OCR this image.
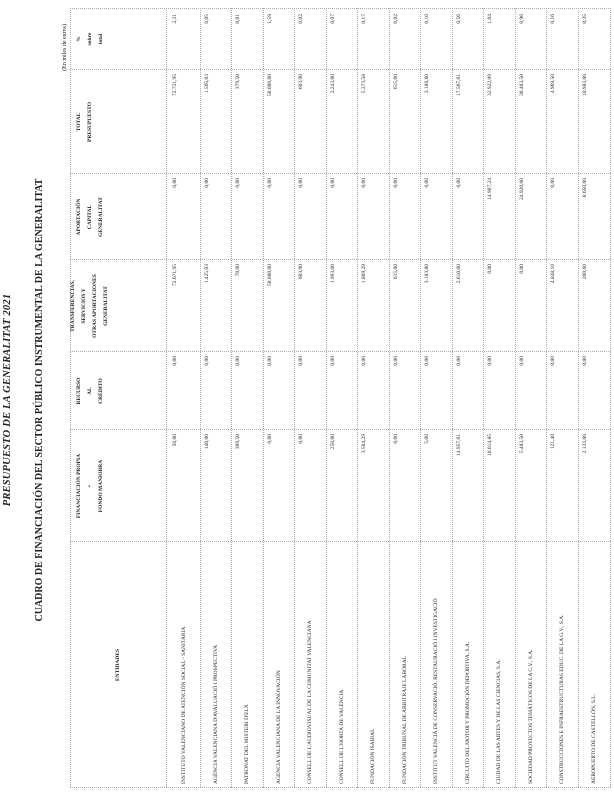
PRESUPUESTO DE LA GENERALITAT 2021 CUADRO DE FINANCIACIÓN DEL SECTOR PÚBLICO INSTRUMENTAL DE LA GENERALITAT
(En miles de euros)
ENTIDADES
FINANCIACIÓN PROPIA + FONDO MANIOBRA
RECURSO AL CRÉDITO
TRANSFERENCIAS, SERVICIOS Y OTRAS APORTACIONES GENERALITAT
APORTACIÓN CAPITAL GENERALITAT
TOTAL PRESUPUESTO
% sobre total
INSTITUTO VALENCIANO DE ATENCIÓN SOCIAL - SANITARIA
50,00
0,00
72.671,95
0,00
72.721,95
2,31
AGÈNCIA VALENCIANA D'AVALUACIÓ I PROSPECTIVA
140,00
0,00
1.425,03
0,00
1.565,03
0,05
PATRONAT DEL MISTERI D'ELX
309,50
0,00
70,00
0,00
379,50
0,01
AGENCIA VALENCIANA DE LA INNOVACIÓN
0,00
0,00
50.000,00
0,00
50.000,00
1,59
CONSELL DE L'AUDIOVISUAL DE LA COMUNITAT VALENCIANA
0,00
0,00
603,90
0,00
603,90
0,02
CONSELL DE L'HORTA DE VALÈNCIA
250,00
0,00
1.993,00
0,00
2.243,00
0,07
FUNDACIÓN ISABIAL
3.504,29
0,00
1.869,29
0,00
5.373,58
0,17
FUNDACIÓN TRIBUNAL DE ARBITRAJE LABORAL
0,00
0,00
615,00
0,00
615,00
0,02
INSTITUT VALENCIÀ DE CONSERVACIÓ, RESTAURACIÓ I INVESTIGACIÓ
5,00
0,00
3.183,80
0,00
3.188,80
0,10
CIRCUITO DEL MOTOR Y PROMOCIÓN DEPORTIVA, S.A.
14.957,61
0,00
2.610,00
0,00
17.567,61
0,56
CIUDAD DE LAS ARTES Y DE LAS CIENCIAS, S.A.
18.014,85
0,00
0,00
14.907,24
32.922,09
1,04
SOCIEDAD PROYECTOS TEMÁTICOS DE LA C.V., S.A.
5.483,50
0,00
0,00
24.920,00
30.403,50
0,96
CONSTRUCCIONES E INFRAESTRUCTURAS EDUC. DE LA G.V., S.A.
121,40
0,00
4.848,10
0,00
4.969,50
0,16
AEROPUERTO DE CASTELLÓN, S.L.
2.133,06
0,00
200,00
8.650,00
10.983,06
0,35
